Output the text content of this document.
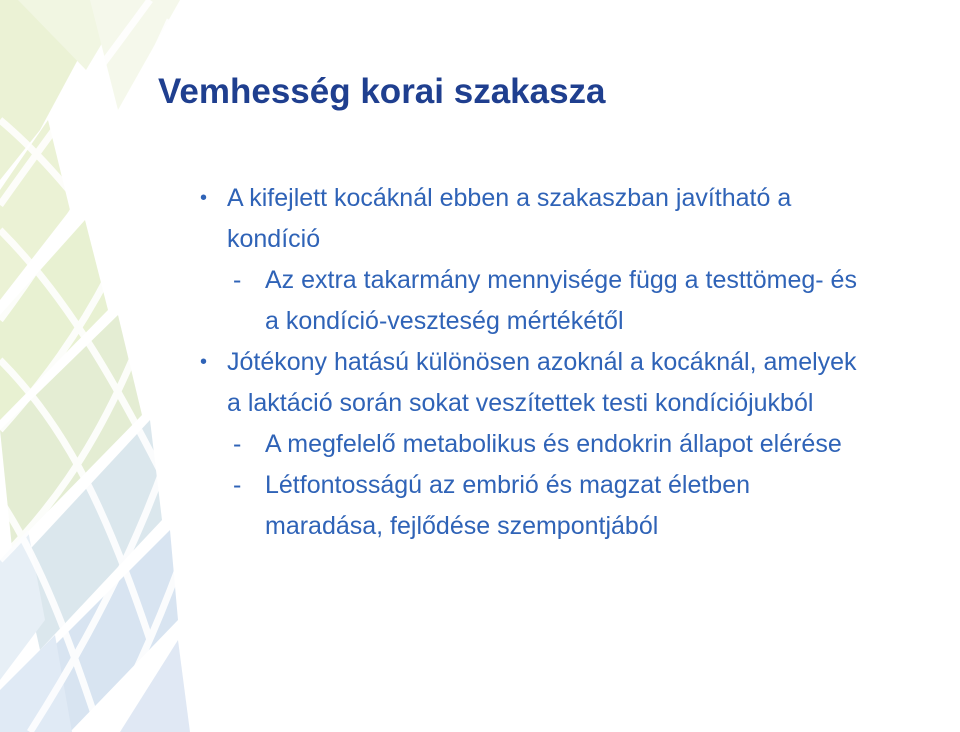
Vemhesség korai szakasza
• A kifejlett kocáknál ebben a szakaszban javítható a
kondíció
- Az extra takarmány mennyisége függ a testtömeg- és
a kondíció-veszteség mértékétől
• Jótékony hatású különösen azoknál a kocáknál, amelyek
a laktáció során sokat veszítettek testi kondíciójukból
- A megfelelő metabolikus és endokrin állapot elérése
- Létfontosságú az embrió és magzat életben
maradása, fejlődése szempontjából
